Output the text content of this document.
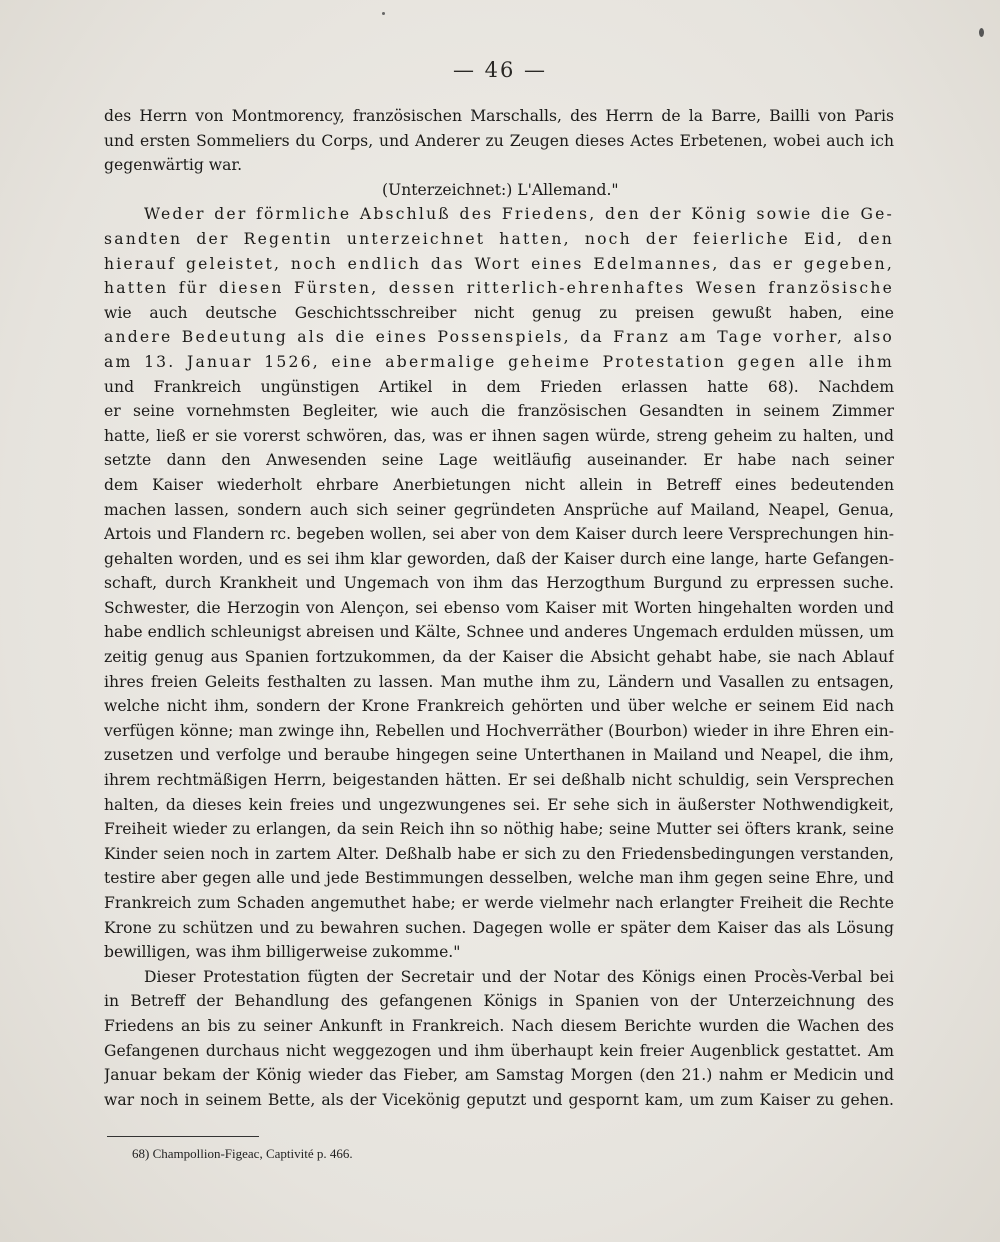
— 46 —
des Herrn von Montmorency, französischen Marschalls, des Herrn de la Barre, Bailli von Paris
und ersten Sommeliers du Corps, und Anderer zu Zeugen dieses Actes Erbetenen, wobei auch ich
gegenwärtig war.
(Unterzeichnet:) L'Allemand."
Weder der förmliche Abschluß des Friedens, den der König sowie die Ge-
sandten der Regentin unterzeichnet hatten, noch der feierliche Eid, den
hierauf geleistet, noch endlich das Wort eines Edelmannes, das er gegeben,
hatten für diesen Fürsten, dessen ritterlich-ehrenhaftes Wesen französische
wie auch deutsche Geschichtsschreiber nicht genug zu preisen gewußt haben, eine
andere Bedeutung als die eines Possenspiels, da Franz am Tage vorher, also
am 13. Januar 1526, eine abermalige geheime Protestation gegen alle ihm
und Frankreich ungünstigen Artikel in dem Frieden erlassen hatte 68). Nachdem
er seine vornehmsten Begleiter, wie auch die französischen Gesandten in seinem Zimmer
hatte, ließ er sie vorerst schwören, das, was er ihnen sagen würde, streng geheim zu halten, und
setzte dann den Anwesenden seine Lage weitläufig auseinander. Er habe nach seiner
dem Kaiser wiederholt ehrbare Anerbietungen nicht allein in Betreff eines bedeutenden
machen lassen, sondern auch sich seiner gegründeten Ansprüche auf Mailand, Neapel, Genua,
Artois und Flandern rc. begeben wollen, sei aber von dem Kaiser durch leere Versprechungen hin-
gehalten worden, und es sei ihm klar geworden, daß der Kaiser durch eine lange, harte Gefangen-
schaft, durch Krankheit und Ungemach von ihm das Herzogthum Burgund zu erpressen suche.
Schwester, die Herzogin von Alençon, sei ebenso vom Kaiser mit Worten hingehalten worden und
habe endlich schleunigst abreisen und Kälte, Schnee und anderes Ungemach erdulden müssen, um
zeitig genug aus Spanien fortzukommen, da der Kaiser die Absicht gehabt habe, sie nach Ablauf
ihres freien Geleits festhalten zu lassen. Man muthe ihm zu, Ländern und Vasallen zu entsagen,
welche nicht ihm, sondern der Krone Frankreich gehörten und über welche er seinem Eid nach
verfügen könne; man zwinge ihn, Rebellen und Hochverräther (Bourbon) wieder in ihre Ehren ein-
zusetzen und verfolge und beraube hingegen seine Unterthanen in Mailand und Neapel, die ihm,
ihrem rechtmäßigen Herrn, beigestanden hätten. Er sei deßhalb nicht schuldig, sein Versprechen
halten, da dieses kein freies und ungezwungenes sei. Er sehe sich in äußerster Nothwendigkeit,
Freiheit wieder zu erlangen, da sein Reich ihn so nöthig habe; seine Mutter sei öfters krank, seine
Kinder seien noch in zartem Alter. Deßhalb habe er sich zu den Friedensbedingungen verstanden,
testire aber gegen alle und jede Bestimmungen desselben, welche man ihm gegen seine Ehre, und
Frankreich zum Schaden angemuthet habe; er werde vielmehr nach erlangter Freiheit die Rechte
Krone zu schützen und zu bewahren suchen. Dagegen wolle er später dem Kaiser das als Lösung
bewilligen, was ihm billigerweise zukomme."
Dieser Protestation fügten der Secretair und der Notar des Königs einen Procès-Verbal bei
in Betreff der Behandlung des gefangenen Königs in Spanien von der Unterzeichnung des
Friedens an bis zu seiner Ankunft in Frankreich. Nach diesem Berichte wurden die Wachen des
Gefangenen durchaus nicht weggezogen und ihm überhaupt kein freier Augenblick gestattet. Am
Januar bekam der König wieder das Fieber, am Samstag Morgen (den 21.) nahm er Medicin und
war noch in seinem Bette, als der Vicekönig geputzt und gespornt kam, um zum Kaiser zu gehen.
68) Champollion-Figeac, Captivité p. 466.
